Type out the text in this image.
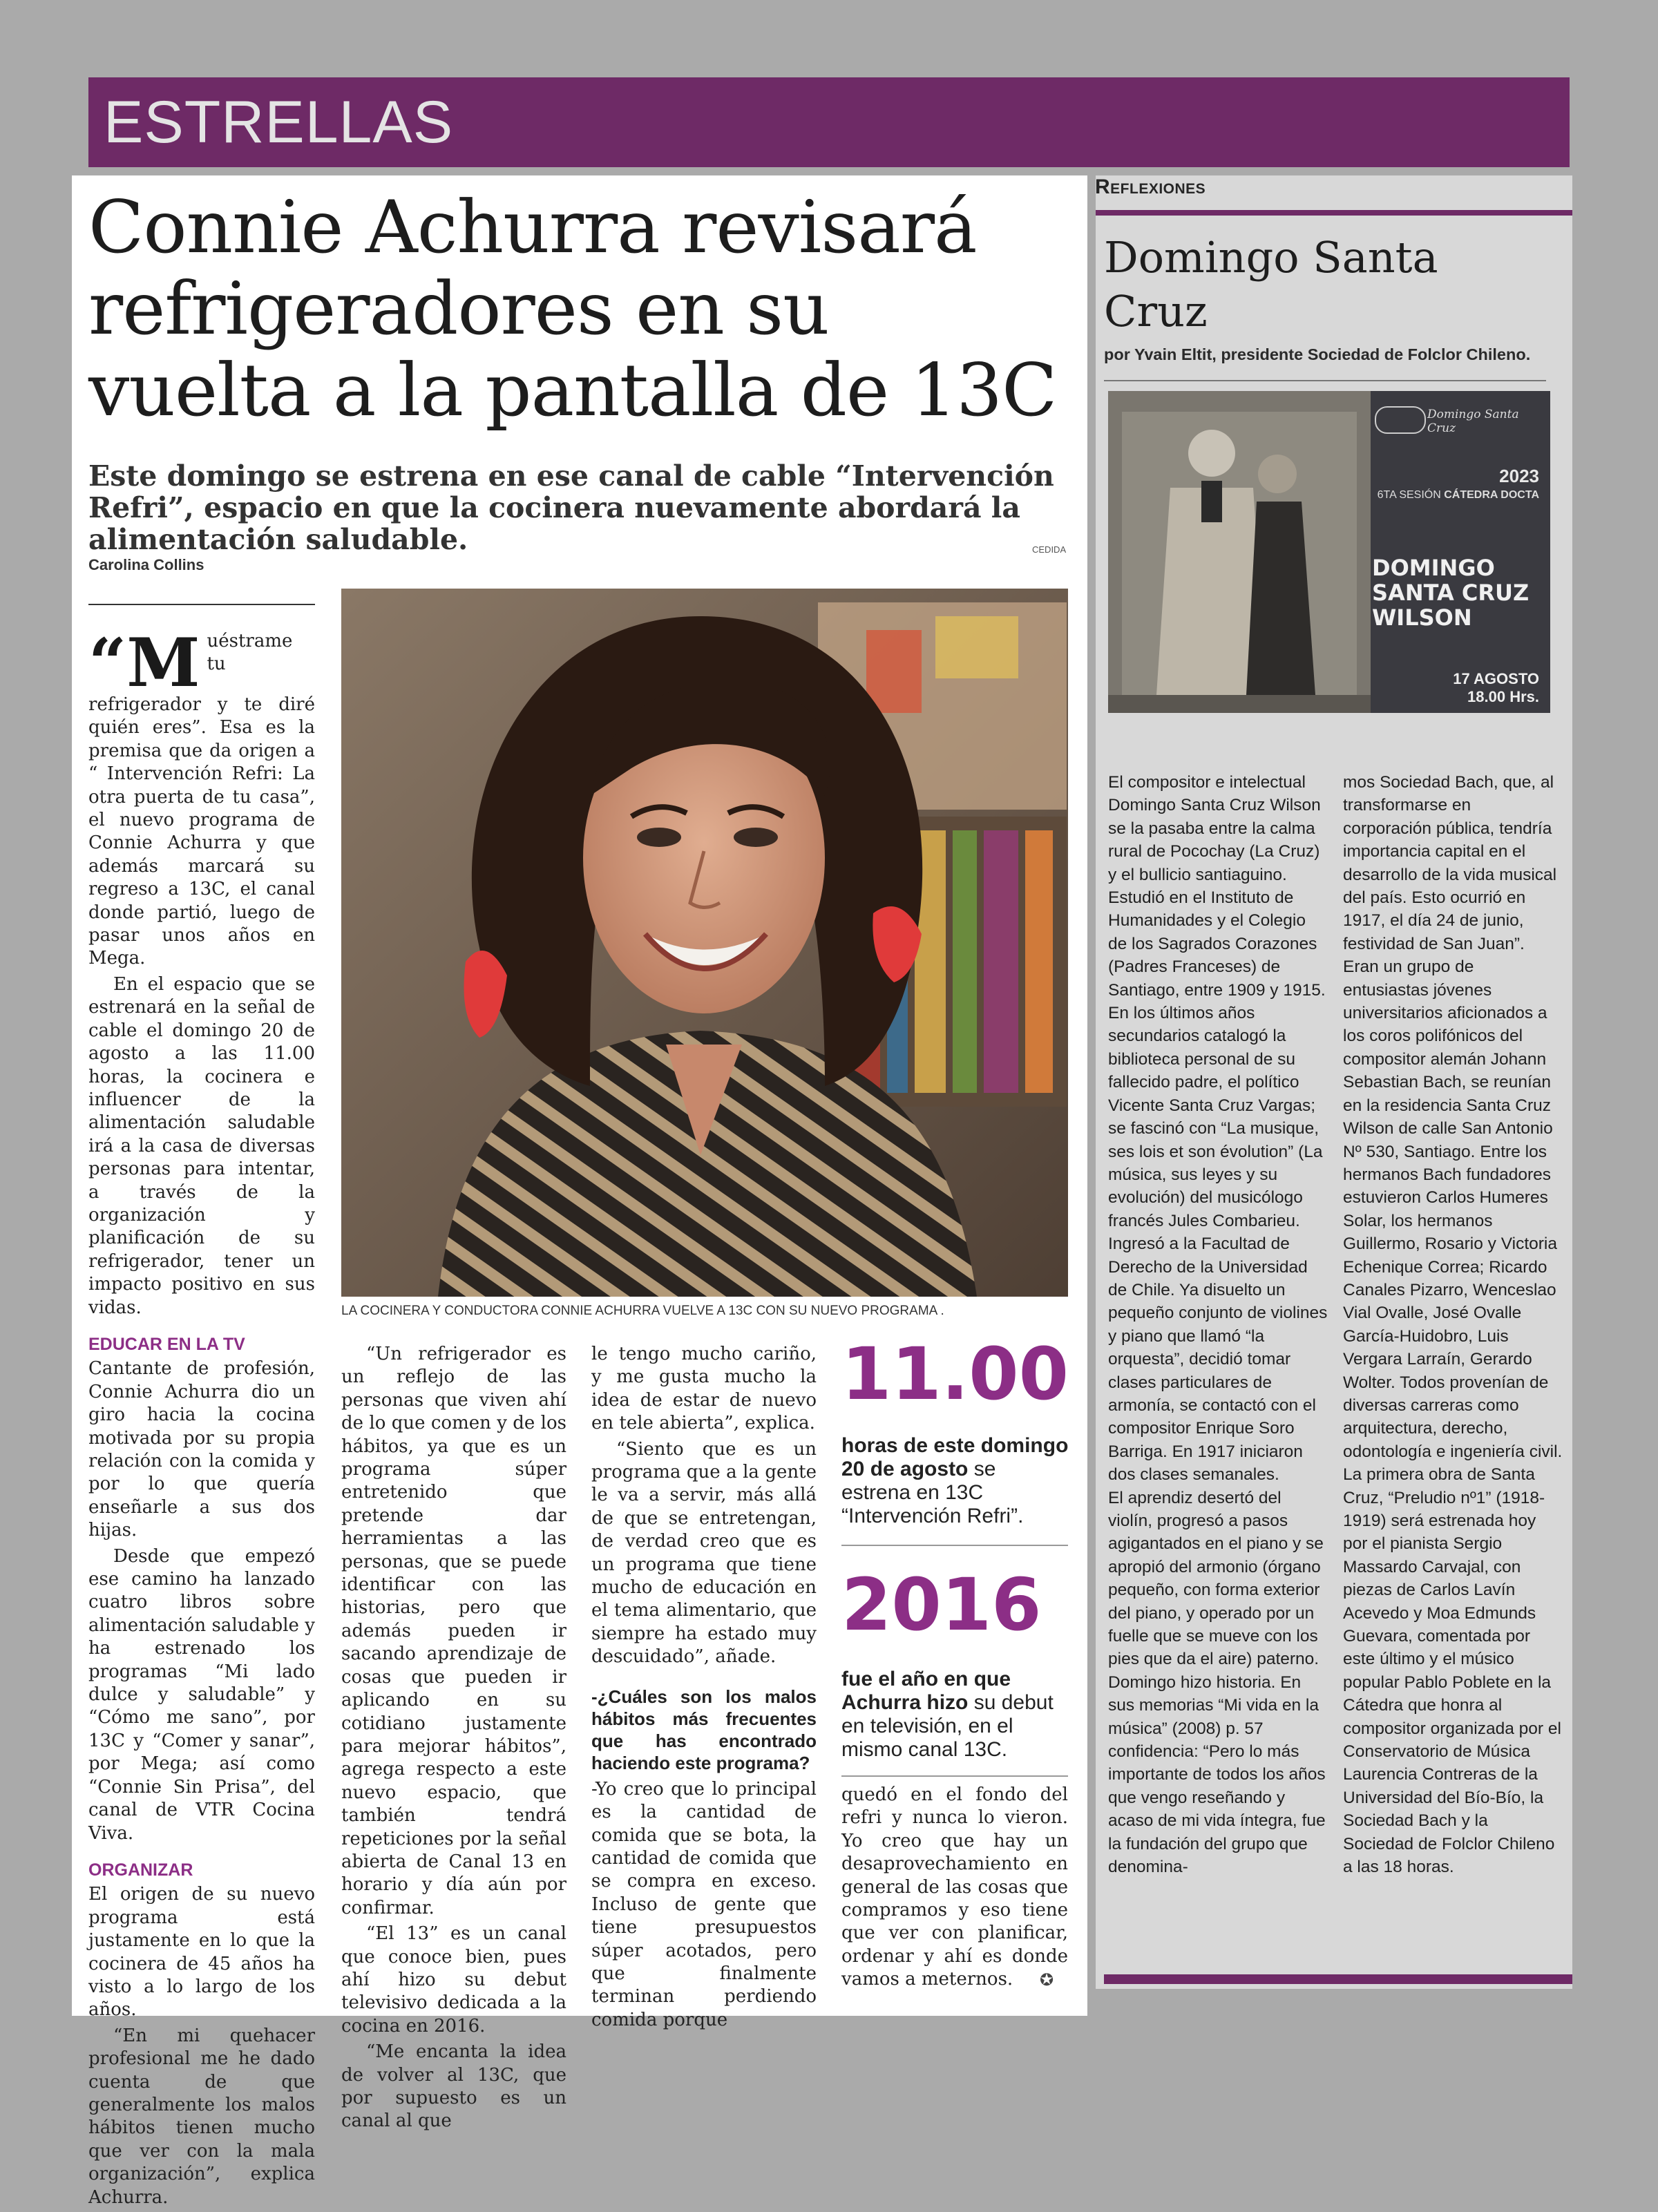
ESTRELLAS
Connie Achurra revisará refrigeradores en su vuelta a la pantalla de 13C
Este domingo se estrena en ese canal de cable “Intervención Refri”, espacio en que la cocinera nuevamente abordará la alimentación saludable.
Carolina Collins
CEDIDA
LA COCINERA Y CONDUCTORA CONNIE ACHURRA VUELVE A 13C CON SU NUEVO PROGRAMA .

“M uéstrame tu refrigerador y te diré quién eres”. Esa es la premisa que da origen a “ Intervención Refri: La otra puerta de tu casa”, el nuevo programa de Connie Achurra y que además marcará su regreso a 13C, el canal donde partió, luego de pasar unos años en Mega.

En el espacio que se estrenará en la señal de cable el domingo 20 de agosto a las 11.00 horas, la cocinera e influencer de la alimentación saludable irá a la casa de diversas personas para intentar, a través de la organización y planificación de su refrigerador, tener un impacto positivo en sus vidas.

EDUCAR EN LA TV

Cantante de profesión, Connie Achurra dio un giro hacia la cocina motivada por su propia relación con la comida y por lo que quería enseñarle a sus dos hijas.

Desde que empezó ese camino ha lanzado cuatro libros sobre alimentación saludable y ha estrenado los programas “Mi lado dulce y saludable” y “Cómo me sano”, por 13C y “Comer y sanar”, por Mega; así como “Connie Sin Prisa”, del canal de VTR Cocina Viva.

ORGANIZAR

El origen de su nuevo programa está justamente en lo que la cocinera de 45 años ha visto a lo largo de los años.

“En mi quehacer profesional me he dado cuenta de que generalmente los malos hábitos tienen mucho que ver con la mala organización”, explica Achurra.

“Un refrigerador es un reflejo de las personas que viven ahí de lo que comen y de los hábitos, ya que es un programa súper entretenido que pretende dar herramientas a las personas, que se puede identificar con las historias, pero que además pueden ir sacando aprendizaje de cosas que pueden ir aplicando en su cotidiano justamente para mejorar hábitos”, agrega respecto a este nuevo espacio, que también tendrá repeticiones por la señal abierta de Canal 13 en horario y día aún por confirmar.

“El 13” es un canal que conoce bien, pues ahí hizo su debut televisivo dedicada a la cocina en 2016.

“Me encanta la idea de volver al 13C, que por supuesto es un canal al que

le tengo mucho cariño, y me gusta mucho la idea de estar de nuevo en tele abierta”, explica.

“Siento que es un programa que a la gente le va a servir, más allá de que se entretengan, de verdad creo que es un programa que tiene mucho de educación en el tema alimentario, que siempre ha estado muy descuidado”, añade.

-¿Cuáles son los malos hábitos más frecuentes que has encontrado haciendo este programa?

-Yo creo que lo principal es la cantidad de comida que se bota, la cantidad de comida que se compra en exceso. Incluso de gente que tiene presupuestos súper acotados, pero que finalmente terminan perdiendo comida porque

11.00
horas de este domingo 20 de agosto se estrena en 13C “Intervención Refri”.
2016
fue el año en que Achurra hizo su debut en televisión, en el mismo canal 13C.

quedó en el fondo del refri y nunca lo vieron. Yo creo que hay un desaprovechamiento en general de las cosas que compramos y eso tiene que ver con planificar, ordenar y ahí es donde vamos a meternos.	✪
Reflexiones
Domingo Santa Cruz
por Yvain Eltit, presidente Sociedad de Folclor Chileno.
Domingo Santa Cruz
2023
6TA SESIÓN CÁTEDRA DOCTA
DOMINGO
SANTA CRUZ
WILSON
17 AGOSTO
18.00 Hrs.

El compositor e intelectual Domingo Santa Cruz Wilson se la pasaba entre la calma rural de Pocochay (La Cruz) y el bullicio santiaguino.

Estudió en el Instituto de Humanidades y el Colegio de los Sagrados Corazones (Padres Franceses) de Santiago, entre 1909 y 1915. En los últimos años secundarios catalogó la biblioteca personal de su fallecido padre, el político Vicente Santa Cruz Vargas; se fascinó con “La musique, ses lois et son évolution” (La música, sus leyes y su evolución) del musicólogo francés Jules Combarieu.

Ingresó a la Facultad de Derecho de la Universidad de Chile. Ya disuelto un pequeño conjunto de violines y piano que llamó “la orquesta”, decidió tomar clases particulares de armonía, se contactó con el compositor Enrique Soro Barriga. En 1917 iniciaron dos clases semanales.

El aprendiz desertó del violín, progresó a pasos agigantados en el piano y se apropió del armonio (órgano pequeño, con forma exterior del piano, y operado por un fuelle que se mueve con los pies que da el aire) paterno.

Domingo hizo historia. En sus memorias “Mi vida en la música” (2008) p. 57 confidencia: “Pero lo más importante de todos los años que vengo reseñando y acaso de mi vida íntegra, fue la fundación del grupo que denomina-

mos Sociedad Bach, que, al transformarse en corporación pública, tendría importancia capital en el desarrollo de la vida musical del país. Esto ocurrió en 1917, el día 24 de junio, festividad de San Juan”.

Eran un grupo de entusiastas jóvenes universitarios aficionados a los coros polifónicos del compositor alemán Johann Sebastian Bach, se reunían en la residencia Santa Cruz Wilson de calle San Antonio Nº 530, Santiago. Entre los hermanos Bach fundadores estuvieron Carlos Humeres Solar, los hermanos Guillermo, Rosario y Victoria Echenique Correa; Ricardo Canales Pizarro, Wenceslao Vial Ovalle, José Ovalle García-Huidobro, Luis Vergara Larraín, Gerardo Wolter. Todos provenían de diversas carreras como arquitectura, derecho, odontología e ingeniería civil.

La primera obra de Santa Cruz, “Preludio nº1” (1918-1919) será estrenada hoy por el pianista Sergio Massardo Carvajal, con piezas de Carlos Lavín Acevedo y Moa Edmunds Guevara, comentada por este último y el músico popular Pablo Poblete en la Cátedra que honra al compositor organizada por el Conservatorio de Música Laurencia Contreras de la Universidad del Bío-Bío, la Sociedad Bach y la Sociedad de Folclor Chileno a las 18 horas.
